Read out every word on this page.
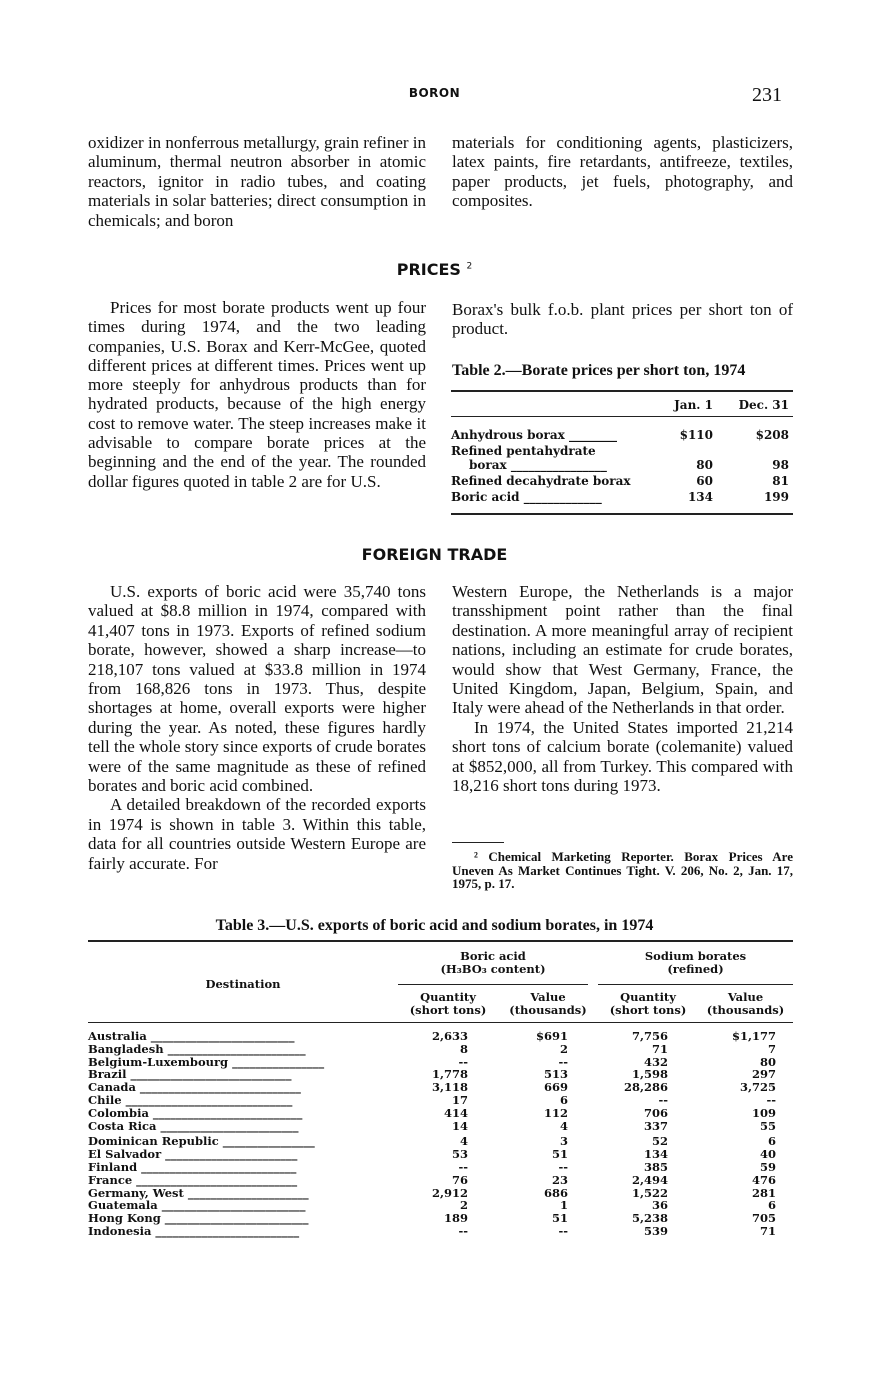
BORON	231

oxidizer in nonferrous metallurgy, grain refiner in aluminum, thermal neutron absorber in atomic reactors, ignitor in radio tubes, and coating materials in solar batteries; direct consumption in chemicals; and boron

materials for conditioning agents, plasticizers, latex paints, fire retardants, antifreeze, textiles, paper products, jet fuels, photography, and composites.

PRICES $^2$

Prices for most borate products went up four times during 1974, and the two leading companies, U.S. Borax and Kerr-McGee, quoted different prices at different times. Prices went up more steeply for anhydrous products than for hydrated products, because of the high energy cost to remove water. The steep increases make it advisable to compare borate prices at the beginning and the end of the year. The rounded dollar figures quoted in table 2 are for U.S.

Borax's bulk f.o.b. plant prices per short ton of product.

Table 2.—Borate prices per short ton, 1974
Jan. 1	Dec. 31
Anhydrous borax ________	$110	$208
Refined pentahydrate
borax ________________	80	98
Refined decahydrate borax	60	81
Boric acid _____________	134	199
FOREIGN TRADE

U.S. exports of boric acid were 35,740 tons valued at $8.8 million in 1974, compared with 41,407 tons in 1973. Exports of refined sodium borate, however, showed a sharp increase—to 218,107 tons valued at $33.8 million in 1974 from 168,826 tons in 1973. Thus, despite shortages at home, overall exports were higher during the year. As noted, these figures hardly tell the whole story since exports of crude borates were of the same magnitude as these of refined borates and boric acid combined.

A detailed breakdown of the recorded exports in 1974 is shown in table 3. Within this table, data for all countries outside Western Europe are fairly accurate. For

Western Europe, the Netherlands is a major transshipment point rather than the final destination. A more meaningful array of recipient nations, including an estimate for crude borates, would show that West Germany, France, the United Kingdom, Japan, Belgium, Spain, and Italy were ahead of the Netherlands in that order.

In 1974, the United States imported 21,214 short tons of calcium borate (colemanite) valued at $852,000, all from Turkey. This compared with 18,216 short tons during 1973.

² Chemical Marketing Reporter. Borax Prices Are Uneven As Market Continues Tight. V. 206, No. 2, Jan. 17, 1975, p. 17.
Table 3.—U.S. exports of boric acid and sodium borates, in 1974
Destination
Boric acid
(H₃BO₃ content)
Sodium borates
(refined)
Quantity
(short tons)
Value
(thousands)
Quantity
(short tons)
Value
(thousands)
Australia _________________________	2,633	$691	7,756	$1,177
Bangladesh ________________________	8	2	71	7
Belgium-Luxembourg ________________	--	--	432	80
Brazil ____________________________	1,778	513	1,598	297
Canada ____________________________	3,118	669	28,286	3,725
Chile _____________________________	17	6	--	--
Colombia __________________________	414	112	706	109
Costa Rica ________________________	14	4	337	55
Dominican Republic ________________	4	3	52	6
El Salvador _______________________	53	51	134	40
Finland ___________________________	--	--	385	59
France ____________________________	76	23	2,494	476
Germany, West _____________________	2,912	686	1,522	281
Guatemala _________________________	2	1	36	6
Hong Kong _________________________	189	51	5,238	705
Indonesia _________________________	--	--	539	71
